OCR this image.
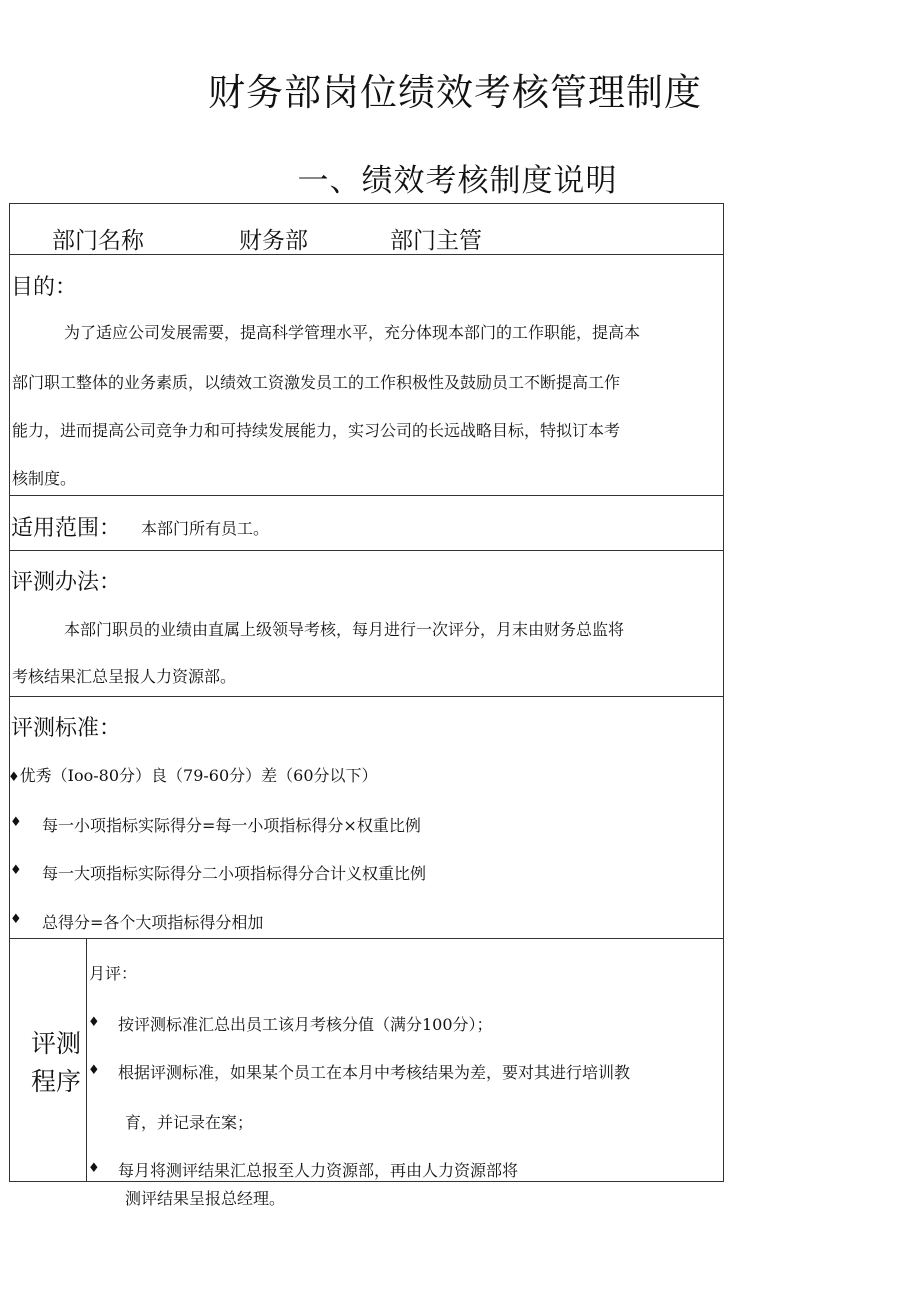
财务部岗位绩效考核管理制度
一、绩效考核制度说明
部门名称	财务部	部门主管
目的：
为了适应公司发展需要，提高科学管理水平，充分体现本部门的工作职能，提高本
部门职工整体的业务素质，以绩效工资激发员工的工作积极性及鼓励员工不断提高工作
能力，进而提高公司竞争力和可持续发展能力，实习公司的长远战略目标，特拟订本考
核制度。
适用范围： 本部门所有员工。
评测办法：
本部门职员的业绩由直属上级领导考核，每月进行一次评分，月末由财务总监将
考核结果汇总呈报人力资源部。
评测标准：
♦优秀（Ioo-80分）良（79-60分）差（60分以下）
♦ 每一小项指标实际得分=每一小项指标得分×权重比例
♦ 每一大项指标实际得分二小项指标得分合计义权重比例
♦ 总得分=各个大项指标得分相加
评测
程序
月评：
♦ 按评测标准汇总出员工该月考核分值（满分100分）；
♦ 根据评测标准，如果某个员工在本月中考核结果为差，要对其进行培训教
育，并记录在案；
♦ 每月将测评结果汇总报至人力资源部，再由人力资源部将
测评结果呈报总经理。
